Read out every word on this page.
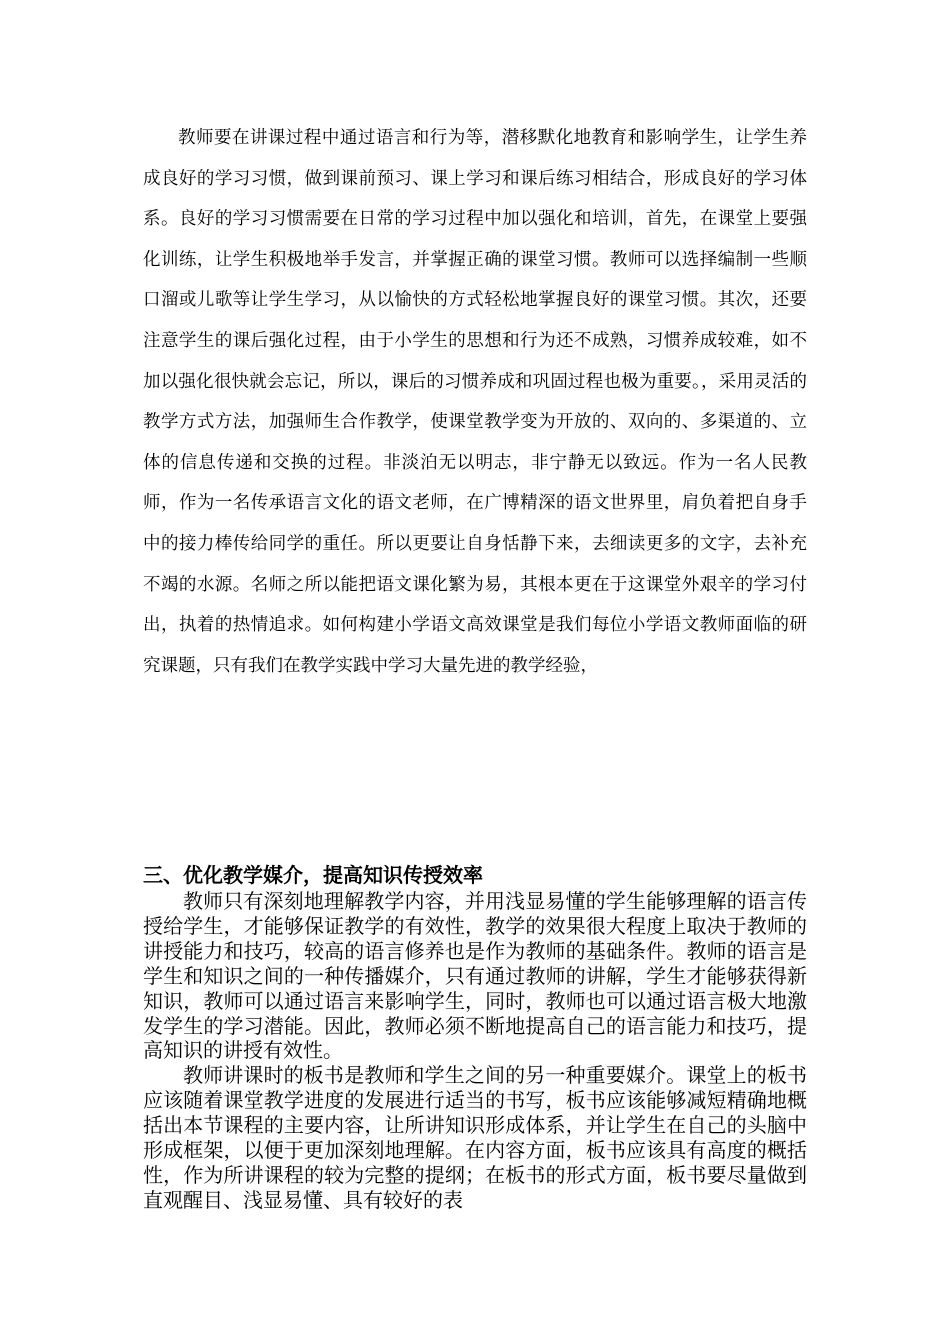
教师要在讲课过程中通过语言和行为等，潜移默化地教育和影响学生，让学生养成良好的学习习惯，做到课前预习、课上学习和课后练习相结合，形成良好的学习体系。良好的学习习惯需要在日常的学习过程中加以强化和培训，首先，在课堂上要强化训练，让学生积极地举手发言，并掌握正确的课堂习惯。教师可以选择编制一些顺口溜或儿歌等让学生学习，从以愉快的方式轻松地掌握良好的课堂习惯。其次，还要注意学生的课后强化过程，由于小学生的思想和行为还不成熟，习惯养成较难，如不加以强化很快就会忘记，所以，课后的习惯养成和巩固过程也极为重要。，采用灵活的教学方式方法，加强师生合作教学，使课堂教学变为开放的、双向的、多渠道的、立体的信息传递和交换的过程。非淡泊无以明志，非宁静无以致远。作为一名人民教师，作为一名传承语言文化的语文老师，在广博精深的语文世界里，肩负着把自身手中的接力棒传给同学的重任。所以更要让自身恬静下来，去细读更多的文字，去补充不竭的水源。名师之所以能把语文课化繁为易，其根本更在于这课堂外艰辛的学习付出，执着的热情追求。如何构建小学语文高效课堂是我们每位小学语文教师面临的研究课题，只有我们在教学实践中学习大量先进的教学经验，

三、优化教学媒介，提高知识传授效率

教师只有深刻地理解教学内容，并用浅显易懂的学生能够理解的语言传授给学生，才能够保证教学的有效性，教学的效果很大程度上取决于教师的讲授能力和技巧，较高的语言修养也是作为教师的基础条件。教师的语言是学生和知识之间的一种传播媒介，只有通过教师的讲解，学生才能够获得新知识，教师可以通过语言来影响学生，同时，教师也可以通过语言极大地激发学生的学习潜能。因此，教师必须不断地提高自己的语言能力和技巧，提高知识的讲授有效性。

教师讲课时的板书是教师和学生之间的另一种重要媒介。课堂上的板书应该随着课堂教学进度的发展进行适当的书写，板书应该能够减短精确地概括出本节课程的主要内容，让所讲知识形成体系，并让学生在自己的头脑中形成框架，以便于更加深刻地理解。在内容方面，板书应该具有高度的概括性，作为所讲课程的较为完整的提纲；在板书的形式方面，板书要尽量做到直观醒目、浅显易懂、具有较好的表
